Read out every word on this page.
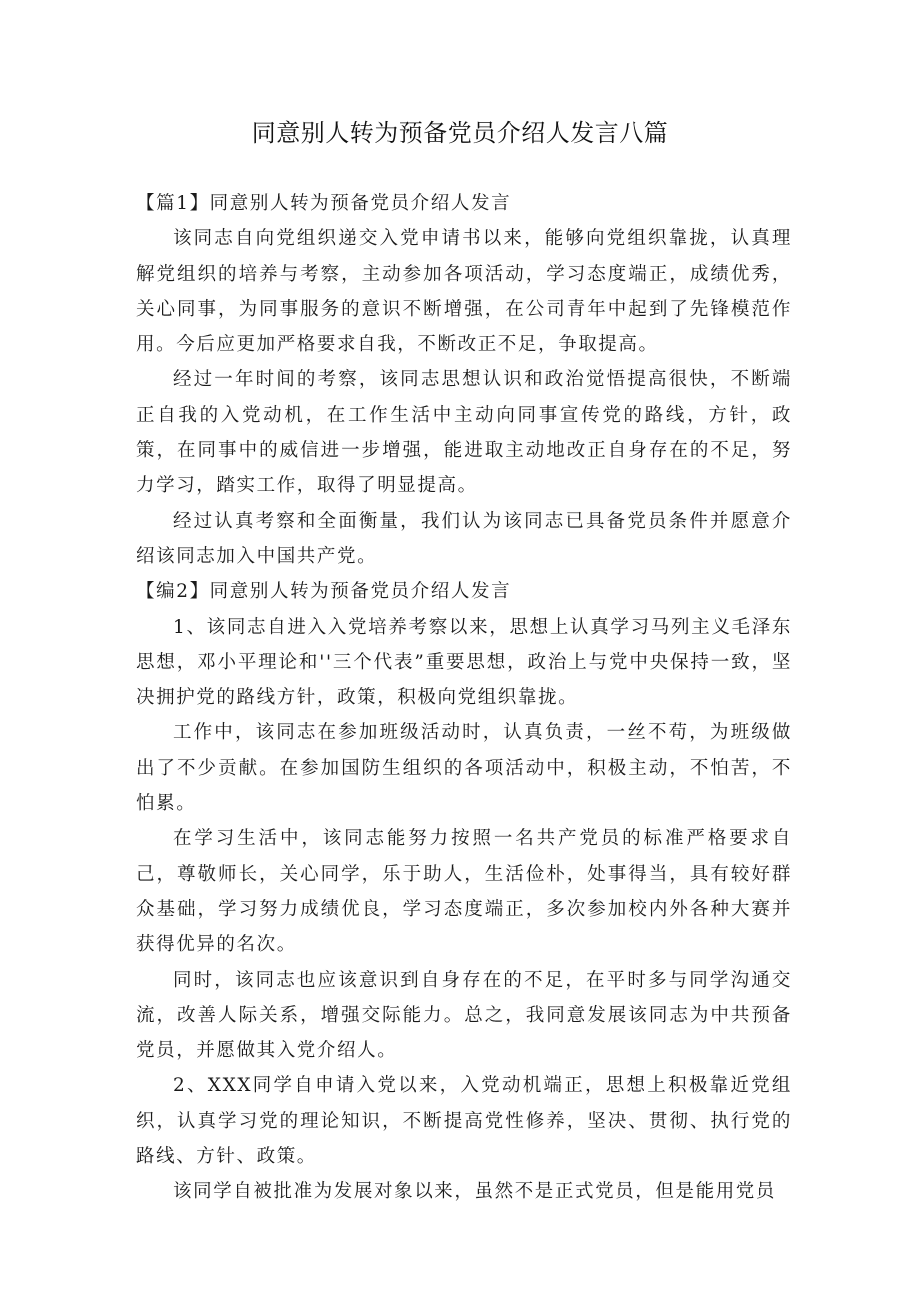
同意别人转为预备党员介绍人发言八篇

【篇1】同意别人转为预备党员介绍人发言

该同志自向党组织递交入党申请书以来，能够向党组织靠拢，认真理解党组织的培养与考察，主动参加各项活动，学习态度端正，成绩优秀，关心同事，为同事服务的意识不断增强，在公司青年中起到了先锋模范作用。今后应更加严格要求自我，不断改正不足，争取提高。

经过一年时间的考察，该同志思想认识和政治觉悟提高很快，不断端正自我的入党动机，在工作生活中主动向同事宣传党的路线，方针，政策，在同事中的威信进一步增强，能进取主动地改正自身存在的不足，努力学习，踏实工作，取得了明显提高。

经过认真考察和全面衡量，我们认为该同志已具备党员条件并愿意介绍该同志加入中国共产党。

【编2】同意别人转为预备党员介绍人发言

1、该同志自进入入党培养考察以来，思想上认真学习马列主义毛泽东思想，邓小平理论和''三个代表”重要思想，政治上与党中央保持一致，坚决拥护党的路线方针，政策，积极向党组织靠拢。

工作中，该同志在参加班级活动时，认真负责，一丝不苟，为班级做出了不少贡献。在参加国防生组织的各项活动中，积极主动，不怕苦，不怕累。

在学习生活中，该同志能努力按照一名共产党员的标准严格要求自己，尊敬师长，关心同学，乐于助人，生活俭朴，处事得当，具有较好群众基础，学习努力成绩优良，学习态度端正，多次参加校内外各种大赛并获得优异的名次。

同时，该同志也应该意识到自身存在的不足，在平时多与同学沟通交流，改善人际关系，增强交际能力。总之，我同意发展该同志为中共预备党员，并愿做其入党介绍人。

2、XXX同学自申请入党以来，入党动机端正，思想上积极靠近党组织，认真学习党的理论知识，不断提高党性修养，坚决、贯彻、执行党的路线、方针、政策。

该同学自被批准为发展对象以来，虽然不是正式党员，但是能用党员
